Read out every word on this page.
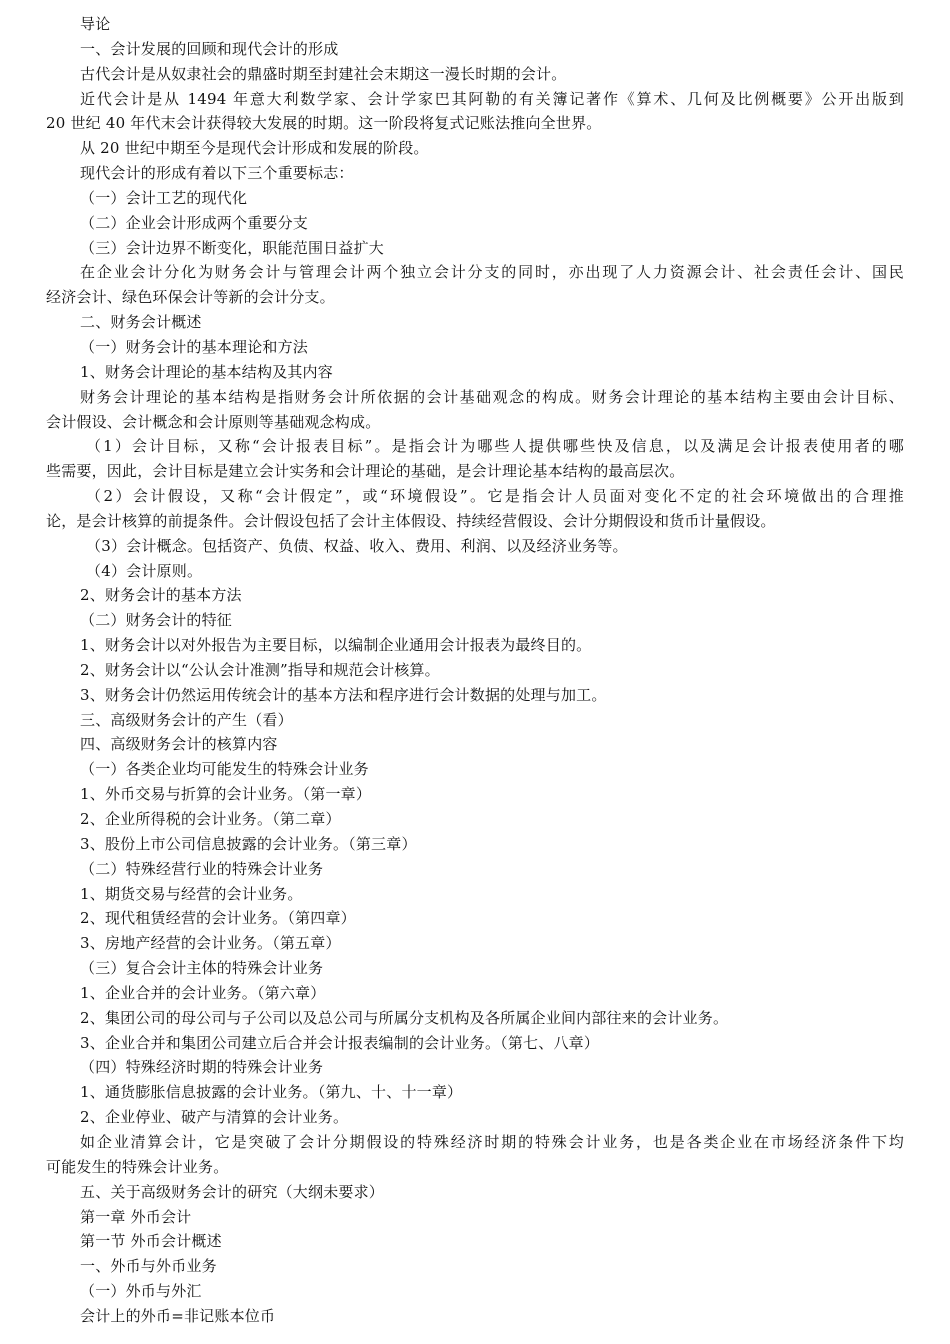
导论
一、会计发展的回顾和现代会计的形成
古代会计是从奴隶社会的鼎盛时期至封建社会末期这一漫长时期的会计。
近代会计是从 1494 年意大利数学家、会计学家巴其阿勒的有关簿记著作《算术、几何及比例概要》公开出版到
20 世纪 40 年代末会计获得较大发展的时期。这一阶段将复式记账法推向全世界。
从 20 世纪中期至今是现代会计形成和发展的阶段。
现代会计的形成有着以下三个重要标志：
（一）会计工艺的现代化
（二）企业会计形成两个重要分支
（三）会计边界不断变化，职能范围日益扩大
在企业会计分化为财务会计与管理会计两个独立会计分支的同时，亦出现了人力资源会计、社会责任会计、国民
经济会计、绿色环保会计等新的会计分支。
二、财务会计概述
（一）财务会计的基本理论和方法
1、财务会计理论的基本结构及其内容
财务会计理论的基本结构是指财务会计所依据的会计基础观念的构成。财务会计理论的基本结构主要由会计目标、
会计假设、会计概念和会计原则等基础观念构成。
（1）会计目标，又称“会计报表目标”。是指会计为哪些人提供哪些快及信息，以及满足会计报表使用者的哪
些需要，因此，会计目标是建立会计实务和会计理论的基础，是会计理论基本结构的最高层次。
（2）会计假设，又称“会计假定”，或“环境假设”。它是指会计人员面对变化不定的社会环境做出的合理推
论，是会计核算的前提条件。会计假设包括了会计主体假设、持续经营假设、会计分期假设和货币计量假设。
（3）会计概念。包括资产、负债、权益、收入、费用、利润、以及经济业务等。
（4）会计原则。
2、财务会计的基本方法
（二）财务会计的特征
1、财务会计以对外报告为主要目标，以编制企业通用会计报表为最终目的。
2、财务会计以“公认会计准测”指导和规范会计核算。
3、财务会计仍然运用传统会计的基本方法和程序进行会计数据的处理与加工。
三、高级财务会计的产生（看）
四、高级财务会计的核算内容
（一）各类企业均可能发生的特殊会计业务
1、外币交易与折算的会计业务。（第一章）
2、企业所得税的会计业务。（第二章）
3、股份上市公司信息披露的会计业务。（第三章）
（二）特殊经营行业的特殊会计业务
1、期货交易与经营的会计业务。
2、现代租赁经营的会计业务。（第四章）
3、房地产经营的会计业务。（第五章）
（三）复合会计主体的特殊会计业务
1、企业合并的会计业务。（第六章）
2、集团公司的母公司与子公司以及总公司与所属分支机构及各所属企业间内部往来的会计业务。
3、企业合并和集团公司建立后合并会计报表编制的会计业务。（第七、八章）
（四）特殊经济时期的特殊会计业务
1、通货膨胀信息披露的会计业务。（第九、十、十一章）
2、企业停业、破产与清算的会计业务。
如企业清算会计，它是突破了会计分期假设的特殊经济时期的特殊会计业务，也是各类企业在市场经济条件下均
可能发生的特殊会计业务。
五、关于高级财务会计的研究（大纲未要求）
第一章 外币会计
第一节 外币会计概述
一、外币与外币业务
（一）外币与外汇
会计上的外币=非记账本位币
